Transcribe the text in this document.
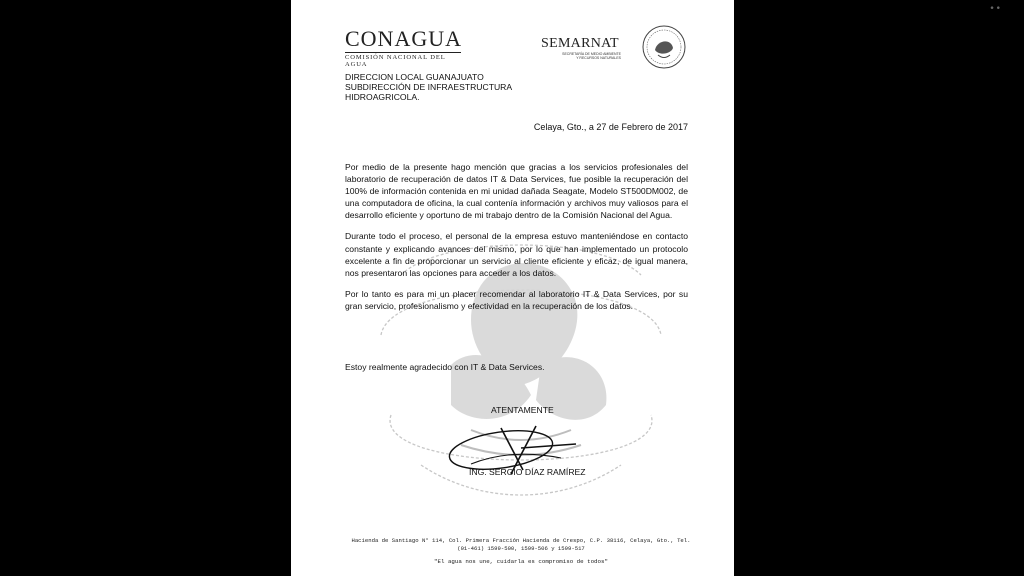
••
CONAGUA
COMISIÓN NACIONAL DEL AGUA
SEMARNAT
SECRETARÍA DE MEDIO AMBIENTE
Y RECURSOS NATURALES
DIRECCION LOCAL GUANAJUATO
SUBDIRECCIÓN DE INFRAESTRUCTURA
HIDROAGRICOLA.
Celaya, Gto., a 27 de Febrero de 2017

Por medio de la presente hago mención que gracias a los servicios profesionales del laboratorio de recuperación de datos IT & Data Services, fue posible la recuperación del 100% de información contenida en mi unidad dañada Seagate, Modelo ST500DM002, de una computadora de oficina, la cual contenía información y archivos muy valiosos para el desarrollo eficiente y oportuno de mi trabajo dentro de la Comisión Nacional del Agua.

Durante todo el proceso, el personal de la empresa estuvo manteniéndose en contacto constante y explicando avances del mismo, por lo que han implementado un protocolo excelente a fin de proporcionar un servicio al cliente eficiente y eficaz, de igual manera, nos presentaron las opciones para acceder a los datos.

Por lo tanto es para mi un placer recomendar al laboratorio IT & Data Services, por su gran servicio, profesionalismo y efectividad en la recuperación de los datos.

Estoy realmente agradecido con IT & Data Services.
ATENTAMENTE
ING. SERGIO DÍAZ RAMÍREZ
Hacienda de Santiago N° 114, Col. Primera Fracción Hacienda de Crespo, C.P. 38116, Celaya, Gto., Tel.
(01-461) 1599-500, 1599-506 y 1599-517
"El agua nos une, cuidarla es compromiso de todos"
